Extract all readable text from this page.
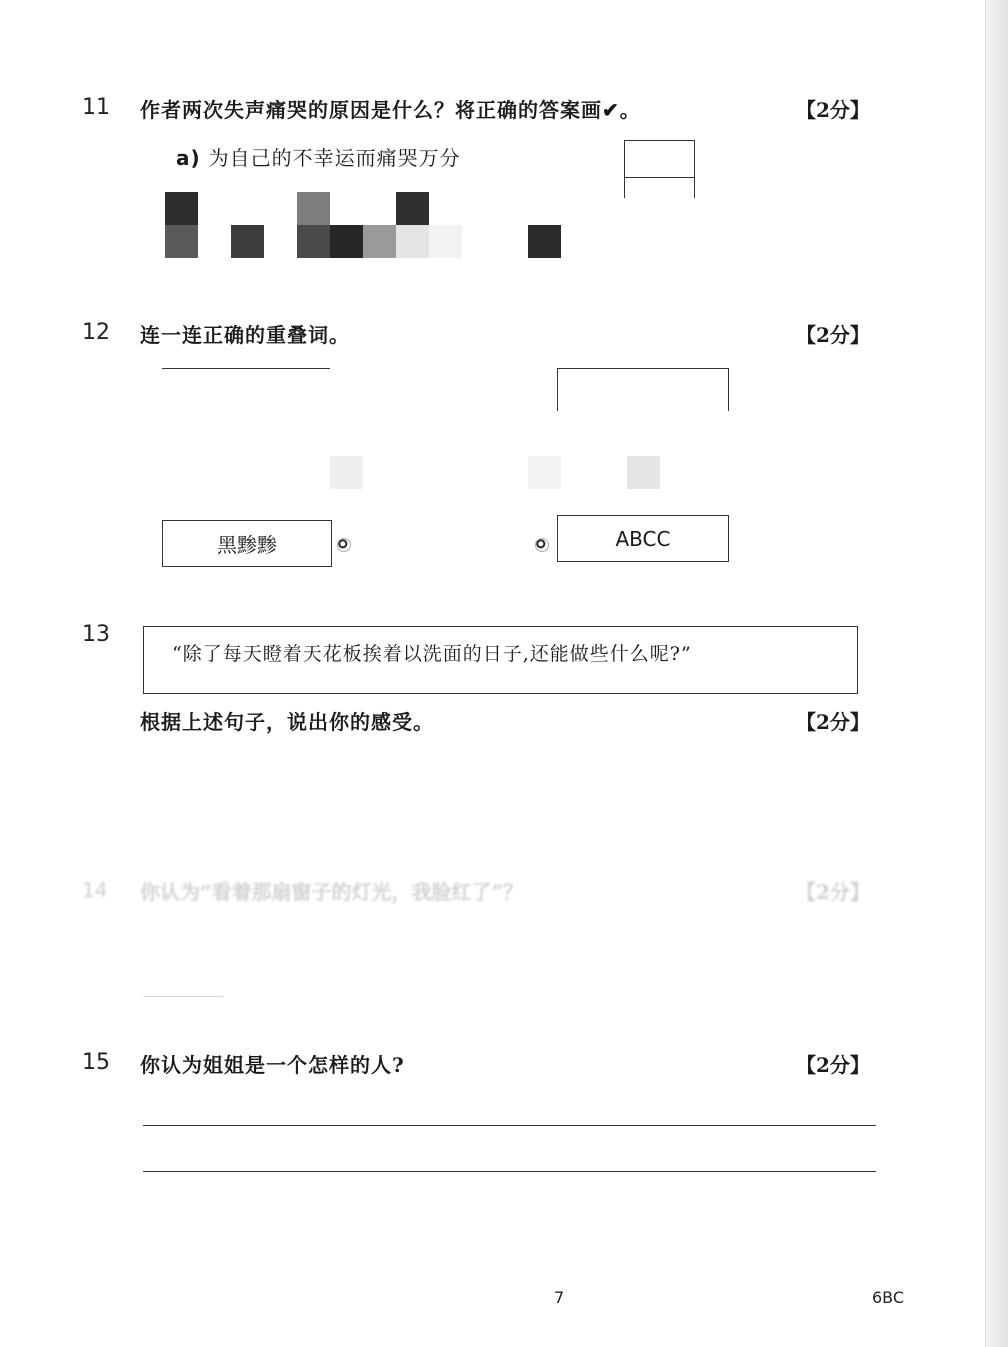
11 作者两次失声痛哭的原因是什么？将正确的答案画✔。	【2分】
a) 为自己的不幸运而痛哭万分
12 连一连正确的重叠词。	【2分】
黑黪黪	ABCC
13
“除了每天瞪着天花板挨着以洗面的日子,还能做些什么呢?”
根据上述句子，说出你的感受。	【2分】
14 你认为“看着那扇窗子的灯光，我脸红了”？	【2分】
15 你认为姐姐是一个怎样的人?	【2分】
7	6BC
